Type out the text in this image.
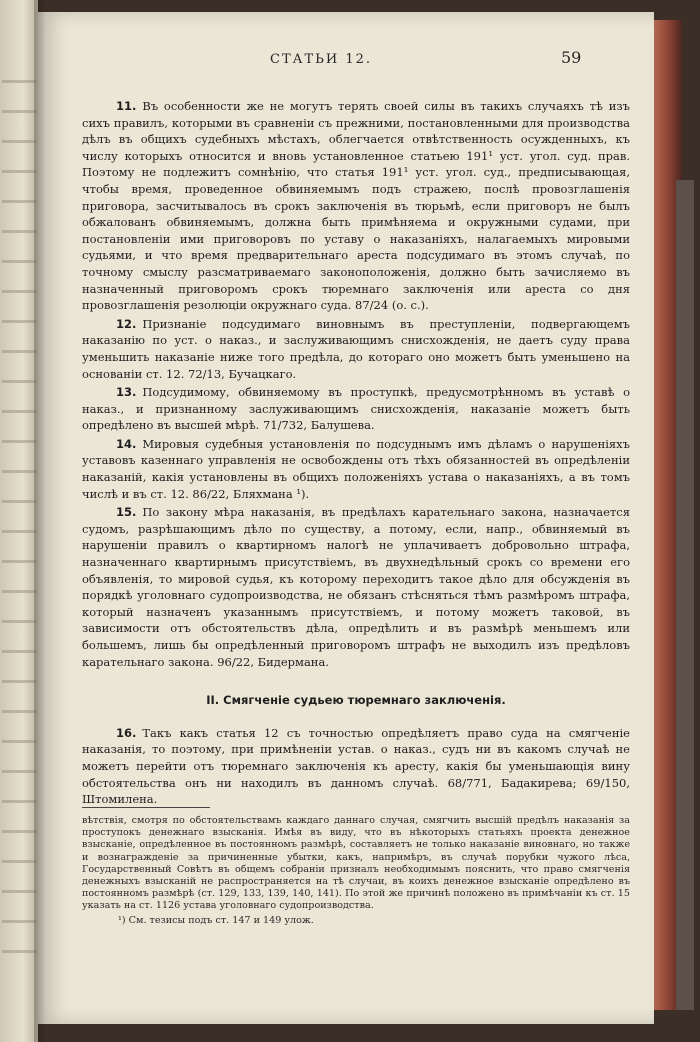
СТАТЬИ 12.	59

11. Въ особенности же не могутъ терять своей силы въ такихъ случаяхъ тѣ изъ сихъ правилъ, которыми въ сравненіи съ прежними, постановленными для производства дѣлъ въ общихъ судебныхъ мѣстахъ, облегчается отвѣтственность осужденныхъ, къ числу которыхъ относится и вновь установленное статьею 191¹ уст. угол. суд. прав. Поэтому не подлежитъ сомнѣнію, что статья 191¹ уст. угол. суд., предписывающая, чтобы время, проведенное обвиняемымъ подъ стражею, послѣ провозглашенія приговора, засчитывалось въ срокъ заключенія въ тюрьмѣ, если приговоръ не былъ обжалованъ обвиняемымъ, должна быть примѣняема и окружными судами, при постановленіи ими приговоровъ по уставу о наказаніяхъ, налагаемыхъ мировыми судьями, и что время предварительнаго ареста подсудимаго въ этомъ случаѣ, по точному смыслу разсматриваемаго законоположенія, должно быть зачисляемо въ назначенный приговоромъ срокъ тюремнаго заключенія или ареста со дня провозглашенія резолюціи окружнаго суда. 87/24 (о. с.).

12. Признаніе подсудимаго виновнымъ въ преступленіи, подвергающемъ наказанію по уст. о наказ., и заслуживающимъ снисхожденія, не даетъ суду права уменьшить наказаніе ниже того предѣла, до котораго оно можетъ быть уменьшено на основаніи ст. 12. 72/13, Бучацкаго.

13. Подсудимому, обвиняемому въ проступкѣ, предусмотрѣнномъ въ уставѣ о наказ., и признанному заслуживающимъ снисхожденія, наказаніе можетъ быть опредѣлено въ высшей мѣрѣ. 71/732, Балушева.

14. Мировыя судебныя установленія по подсуднымъ имъ дѣламъ о нарушеніяхъ уставовъ казеннаго управленія не освобождены отъ тѣхъ обязанностей въ опредѣленіи наказаній, какія установлены въ общихъ положеніяхъ устава о наказаніяхъ, а въ томъ числѣ и въ ст. 12. 86/22, Бляхмана ¹).

15. По закону мѣра наказанія, въ предѣлахъ карательнаго закона, назначается судомъ, разрѣшающимъ дѣло по существу, а потому, если, напр., обвиняемый въ нарушеніи правилъ о квартирномъ налогѣ не уплачиваетъ добровольно штрафа, назначеннаго квартирнымъ присутствіемъ, въ двухнедѣльный срокъ со времени его объявленія, то мировой судья, къ которому переходитъ такое дѣло для обсужденія въ порядкѣ уголовнаго судопроизводства, не обязанъ стѣсняться тѣмъ размѣромъ штрафа, который назначенъ указаннымъ присутствіемъ, и потому можетъ таковой, въ зависимости отъ обстоятельствъ дѣла, опредѣлить и въ размѣрѣ меньшемъ или большемъ, лишь бы опредѣленный приговоромъ штрафъ не выходилъ изъ предѣловъ карательнаго закона. 96/22, Бидермана.

II. Смягченіе судьею тюремнаго заключенія.

16. Такъ какъ статья 12 съ точностью опредѣляетъ право суда на смягченіе наказанія, то поэтому, при примѣненіи устав. о наказ., судъ ни въ какомъ случаѣ не можетъ перейти отъ тюремнаго заключенія къ аресту, какія бы уменьшающія вину обстоятельства онъ ни находилъ въ данномъ случаѣ. 68/771, Бадакирева; 69/150, Штомилена.

вѣтствія, смотря по обстоятельствамъ каждаго даннаго случая, смягчить высшій предѣлъ наказанія за проступокъ денежнаго взысканія. Имѣя въ виду, что въ нѣкоторыхъ статьяхъ проекта денежное взысканіе, опредѣленное въ постоянномъ размѣрѣ, составляетъ не только наказаніе виновнаго, но также и вознагражденіе за причиненные убытки, какъ, напримѣръ, въ случаѣ порубки чужого лѣса, Государственный Совѣтъ въ общемъ собраніи призналъ необходимымъ пояснить, что право смягченія денежныхъ взысканій не распространяется на тѣ случаи, въ коихъ денежное взысканіе опредѣлено въ постоянномъ размѣрѣ (ст. 129, 133, 139, 140, 141). По этой же причинѣ положено въ примѣчаніи къ ст. 15 указать на ст. 1126 устава уголовнаго судопроизводства.

¹) См. тезисы подъ ст. 147 и 149 улож.
